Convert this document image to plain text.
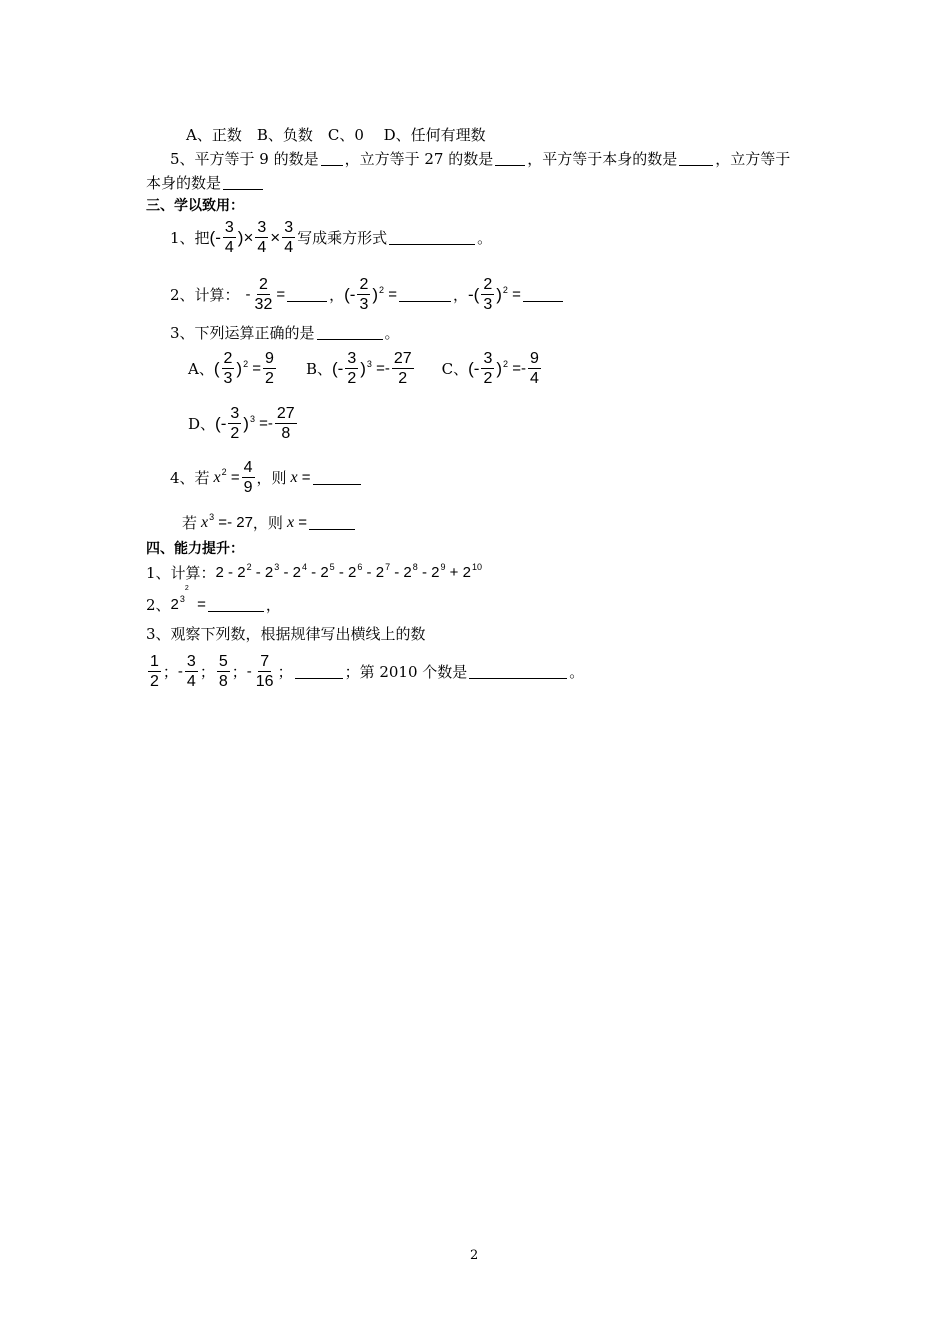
A、正数　B、负数　C、0　 D、任何有理数
5、平方等于 9 的数是 ，立方等于 27 的数是 ，平方等于本身的数是	，立方等于
本身的数是
三、学以致用：
1、把 (- $\frac{3}{4}$ )× $\frac{3}{4} \times \frac{3}{4}$ 写成乘方形式	。
2、计算： - $\frac{2}{32}$ =	， (- $\frac{2}{3} )^2$ =	， -( $\frac{2}{3} )^2$ =
3、下列运算正确的是	。
A、 ( $\frac{2}{3} )^2 = \frac{9}{2}$ B、 (- $\frac{3}{2} )^3 =- \frac{27}{2}$ C、 (- $\frac{3}{2} )^2 =- \frac{9}{4}$
D、 (- $\frac{3}{2} )^3 =- \frac{27}{8}$
4、若 x $^2 = \frac{4}{9}$ ，则 x =
若 x $^3$ =- 27 ，则 x =
四、能力提升：
1、计算： $2 - 2^2 - 2^3 - 2^4 - 2^5 - 2^6 - 2^7 - 2^8 - 2^9 + 2^{10}$
2、 $2^{3^2}$  =	，
3、观察下列数，根据规律写出横线上的数
$\frac{1}{2}$ ； - $\frac{3}{4}$ ； $\frac{5}{8}$ ； - $\frac{7}{16}$ ；	；第 2010 个数是	。
2
